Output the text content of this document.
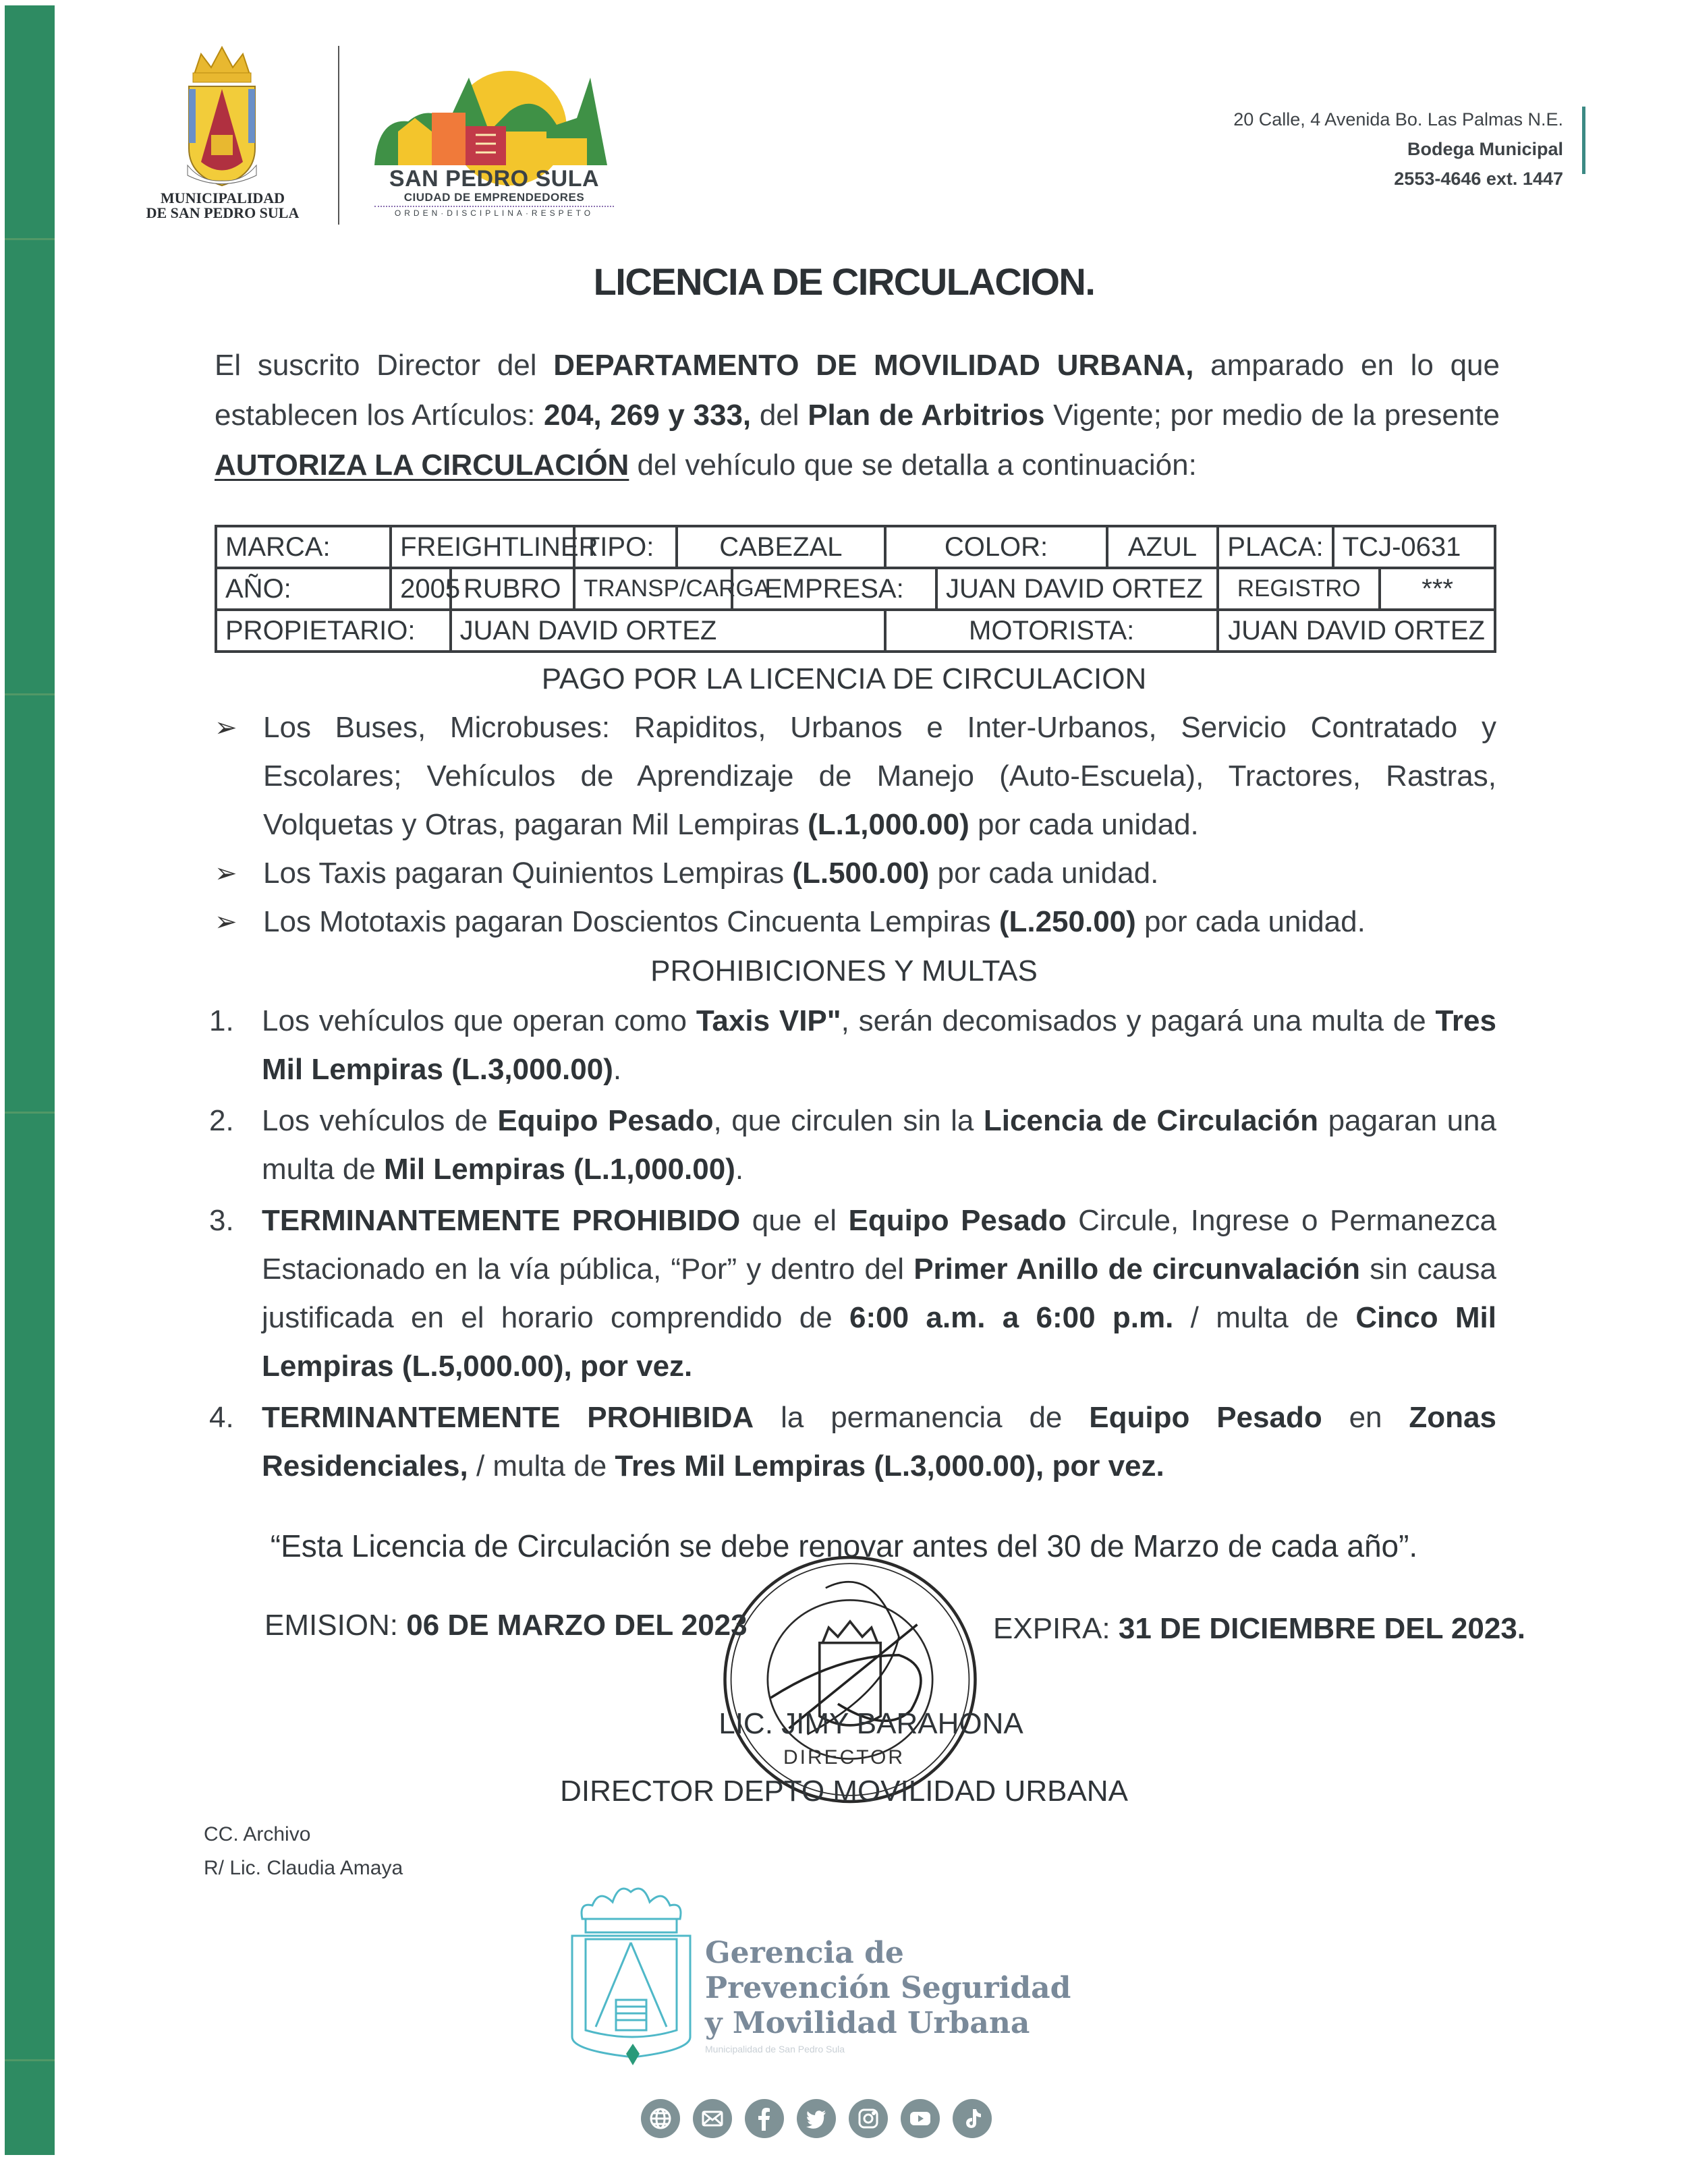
MUNICIPALIDAD
DE SAN PEDRO SULA
SAN PEDRO SULA
CIUDAD DE EMPRENDEDORES
ORDEN·DISCIPLINA·RESPETO
20 Calle, 4 Avenida Bo. Las Palmas N.E.
Bodega Municipal
2553-4646 ext. 1447
LICENCIA DE CIRCULACION.
El suscrito Director del DEPARTAMENTO DE MOVILIDAD URBANA, amparado en lo que establecen los Artículos: 204, 269 y 333, del Plan de Arbitrios Vigente; por medio de la presente AUTORIZA LA CIRCULACIÓN del vehículo que se detalla a continuación:
MARCA:	FREIGHTLINER		TIPO:	CABEZAL		COLOR:		AZUL	PLACA:	TCJ-0631	
AÑO:	2005	RUBRO	TRANSP/CARGA		EMPRESA:		JUAN DAVID ORTEZ		REGISTRO		***
PROPIETARIO:		JUAN DAVID ORTEZ				MOTORISTA:			JUAN DAVID ORTEZ		
PAGO POR LA LICENCIA DE CIRCULACION
➢ Los Buses, Microbuses: Rapiditos, Urbanos e Inter-Urbanos, Servicio Contratado y Escolares; Vehículos de Aprendizaje de Manejo (Auto-Escuela), Tractores, Rastras, Volquetas y Otras, pagaran Mil Lempiras (L.1,000.00) por cada unidad.
➢ Los Taxis pagaran Quinientos Lempiras (L.500.00) por cada unidad.
➢ Los Mototaxis pagaran Doscientos Cincuenta Lempiras (L.250.00) por cada unidad.
PROHIBICIONES Y MULTAS
1. Los vehículos que operan como Taxis VIP", serán decomisados y pagará una multa de Tres Mil Lempiras (L.3,000.00).
2. Los vehículos de Equipo Pesado, que circulen sin la Licencia de Circulación pagaran una multa de Mil Lempiras (L.1,000.00).
3. TERMINANTEMENTE PROHIBIDO que el Equipo Pesado Circule, Ingrese o Permanezca Estacionado en la vía pública, “Por” y dentro del Primer Anillo de circunvalación sin causa justificada en el horario comprendido de 6:00 a.m. a 6:00 p.m. / multa de Cinco Mil Lempiras (L.5,000.00), por vez.
4. TERMINANTEMENTE PROHIBIDA la permanencia de Equipo Pesado en Zonas Residenciales, / multa de Tres Mil Lempiras (L.3,000.00), por vez.
“Esta Licencia de Circulación se debe renovar antes del 30 de Marzo de cada año”.
EMISION: 06 DE MARZO DEL 2023	EXPIRA: 31 DE DICIEMBRE DEL 2023.
LIC. JIMY BARAHONA
DIRECTOR
DIRECTOR DEPTO MOVILIDAD URBANA
CC. Archivo
R/ Lic. Claudia Amaya
Gerencia de
Prevención Seguridad
y Movilidad Urbana
Municipalidad de San Pedro Sula
